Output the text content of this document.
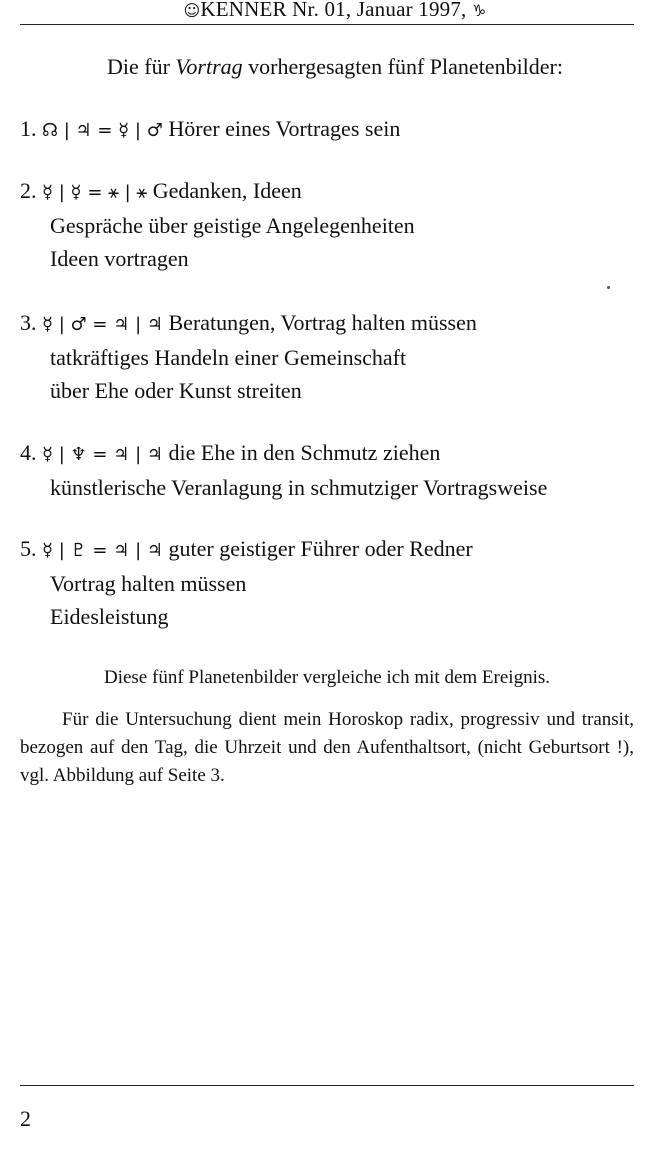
☺KENNER Nr. 01, Januar 1997, ♑
Die für Vortrag vorhergesagten fünf Planetenbilder:
1. ☊ | ♃ = ☿ | ♂ Hörer eines Vortrages sein
2. ☿ | ☿ = ⚹ | ⚹ Gedanken, Ideen
Gespräche über geistige Angelegenheiten
Ideen vortragen
3. ☿ | ♂ = ♃ | ♃ Beratungen, Vortrag halten müssen
tatkräftiges Handeln einer Gemeinschaft
über Ehe oder Kunst streiten
4. ☿ | ♆ = ♃ | ♃ die Ehe in den Schmutz ziehen
künstlerische Veranlagung in schmutziger Vortragsweise
5. ☿ | ♇ = ♃ | ♃ guter geistiger Führer oder Redner
Vortrag halten müssen
Eidesleistung
Diese fünf Planetenbilder vergleiche ich mit dem Ereignis.
Für die Untersuchung dient mein Horoskop radix, progressiv und transit, bezogen auf den Tag, die Uhrzeit und den Aufenthaltsort, (nicht Geburtsort !), vgl. Abbildung auf Seite 3.
2
